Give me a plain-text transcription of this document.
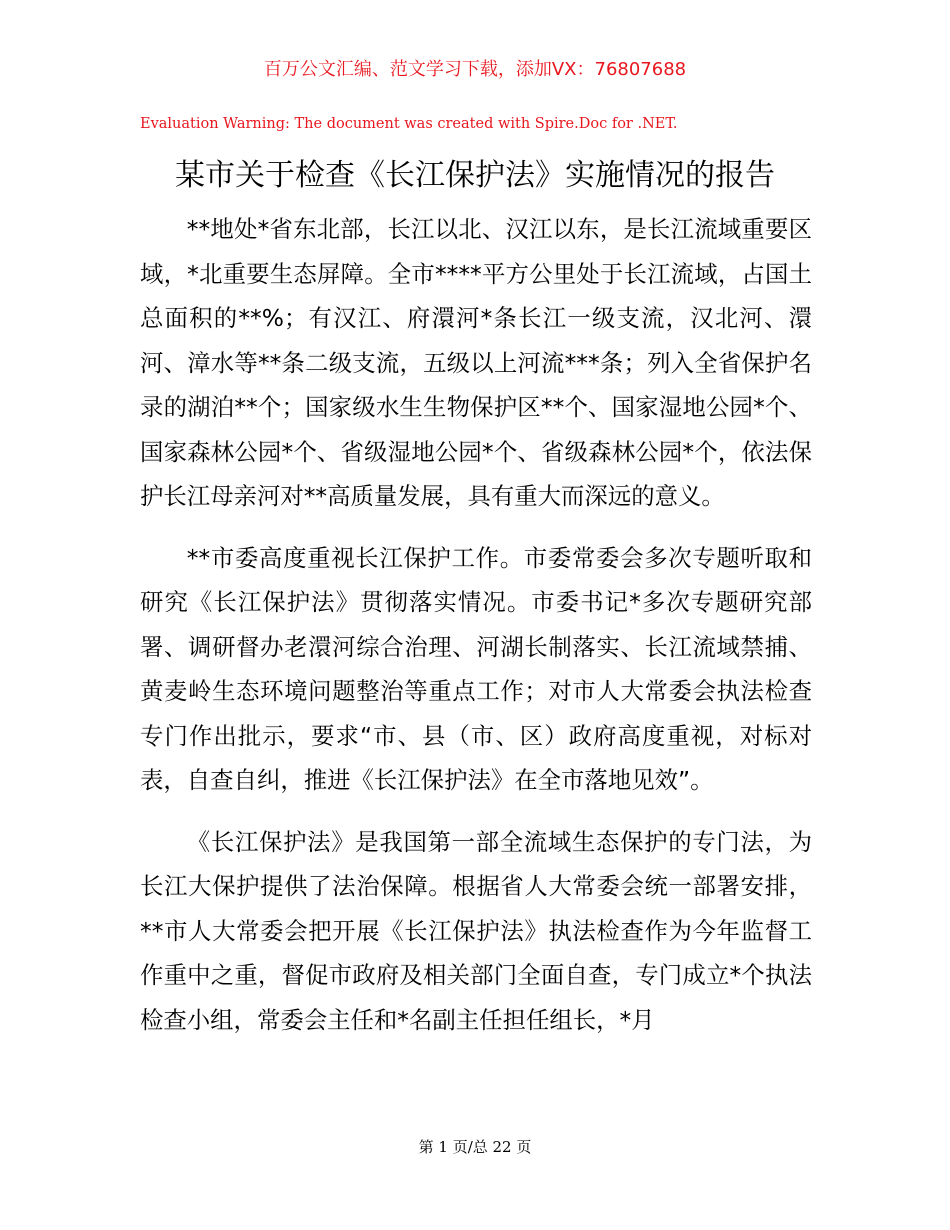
百万公文汇编、范文学习下载，添加VX：76807688
Evaluation Warning: The document was created with Spire.Doc for .NET.
某市关于检查《长江保护法》实施情况的报告

**地处*省东北部，长江以北、汉江以东，是长江流域重要区域，*北重要生态屏障。全市****平方公里处于长江流域，占国土总面积的**%；有汉江、府澴河*条长江一级支流，汉北河、澴河、漳水等**条二级支流，五级以上河流***条；列入全省保护名录的湖泊**个；国家级水生生物保护区**个、国家湿地公园*个、国家森林公园*个、省级湿地公园*个、省级森林公园*个，依法保护长江母亲河对**高质量发展，具有重大而深远的意义。

**市委高度重视长江保护工作。市委常委会多次专题听取和研究《长江保护法》贯彻落实情况。市委书记*多次专题研究部署、调研督办老澴河综合治理、河湖长制落实、长江流域禁捕、黄麦岭生态环境问题整治等重点工作；对市人大常委会执法检查专门作出批示，要求“市、县（市、区）政府高度重视，对标对表，自查自纠，推进《长江保护法》在全市落地见效”。

《长江保护法》是我国第一部全流域生态保护的专门法，为长江大保护提供了法治保障。根据省人大常委会统一部署安排，**市人大常委会把开展《长江保护法》执法检查作为今年监督工作重中之重，督促市政府及相关部门全面自查，专门成立*个执法检查小组，常委会主任和*名副主任担任组长，*月

第 1 页/总 22 页
